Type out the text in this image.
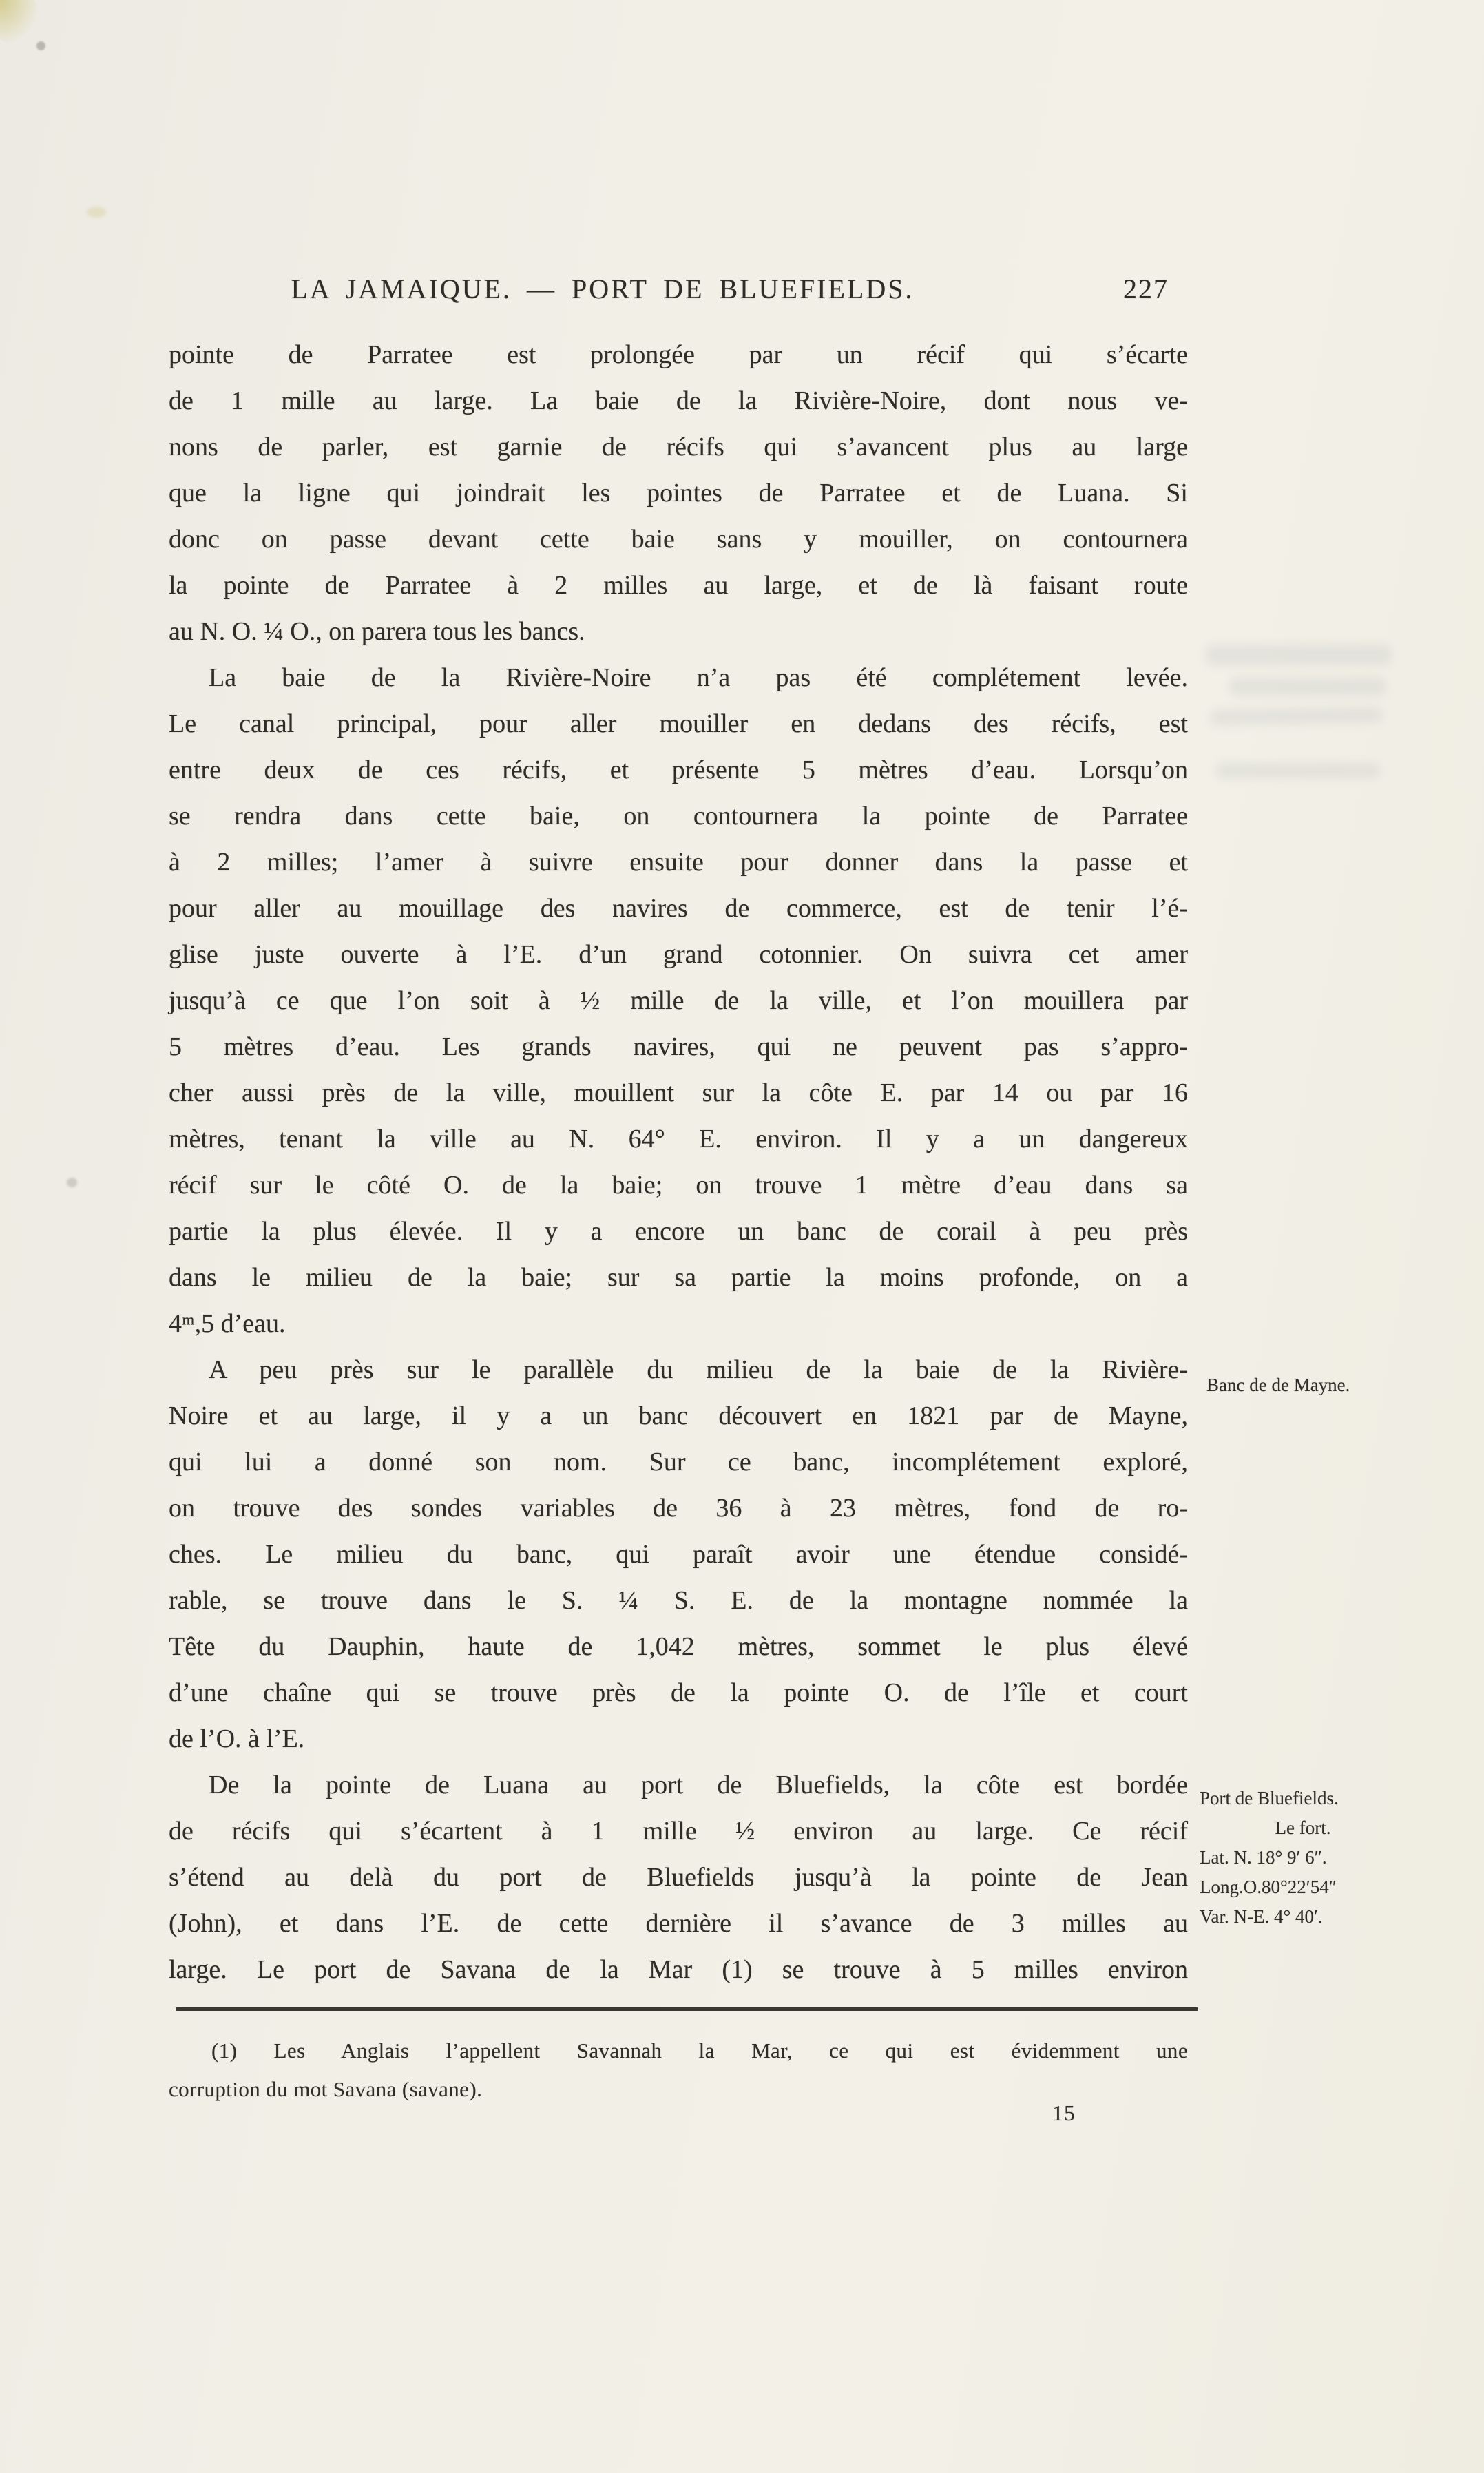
LA JAMAIQUE. — PORT DE BLUEFIELDS.	227
pointe de Parratee est prolongée par un récif qui s’écarte
de 1 mille au large. La baie de la Rivière-Noire, dont nous ve-
nons de parler, est garnie de récifs qui s’avancent plus au large
que la ligne qui joindrait les pointes de Parratee et de Luana. Si
donc on passe devant cette baie sans y mouiller, on contournera
la pointe de Parratee à 2 milles au large, et de là faisant route
au N. O. ¼ O., on parera tous les bancs.
La baie de la Rivière-Noire n’a pas été complétement levée.
Le canal principal, pour aller mouiller en dedans des récifs, est
entre deux de ces récifs, et présente 5 mètres d’eau. Lorsqu’on
se rendra dans cette baie, on contournera la pointe de Parratee
à 2 milles; l’amer à suivre ensuite pour donner dans la passe et
pour aller au mouillage des navires de commerce, est de tenir l’é-
glise juste ouverte à l’E. d’un grand cotonnier. On suivra cet amer
jusqu’à ce que l’on soit à ½ mille de la ville, et l’on mouillera par
5 mètres d’eau. Les grands navires, qui ne peuvent pas s’appro-
cher aussi près de la ville, mouillent sur la côte E. par 14 ou par 16
mètres, tenant la ville au N. 64° E. environ. Il y a un dangereux
récif sur le côté O. de la baie; on trouve 1 mètre d’eau dans sa
partie la plus élevée. Il y a encore un banc de corail à peu près
dans le milieu de la baie; sur sa partie la moins profonde, on a
4ᵐ,5 d’eau.
A peu près sur le parallèle du milieu de la baie de la Rivière-
Noire et au large, il y a un banc découvert en 1821 par de Mayne,
qui lui a donné son nom. Sur ce banc, incomplétement exploré,
on trouve des sondes variables de 36 à 23 mètres, fond de ro-
ches. Le milieu du banc, qui paraît avoir une étendue considé-
rable, se trouve dans le S. ¼ S. E. de la montagne nommée la
Tête du Dauphin, haute de 1,042 mètres, sommet le plus élevé
d’une chaîne qui se trouve près de la pointe O. de l’île et court
de l’O. à l’E.
De la pointe de Luana au port de Bluefields, la côte est bordée
de récifs qui s’écartent à 1 mille ½ environ au large. Ce récif
s’étend au delà du port de Bluefields jusqu’à la pointe de Jean
(John), et dans l’E. de cette dernière il s’avance de 3 milles au
large. Le port de Savana de la Mar (1) se trouve à 5 milles environ
Banc de de Mayne.
Port de Bluefields.
Le fort.
Lat. N. 18° 9′ 6″.
Long.O.80°22′54″
Var. N-E. 4° 40′.
(1) Les Anglais l’appellent Savannah la Mar, ce qui est évidemment une
corruption du mot Savana (savane).
15
